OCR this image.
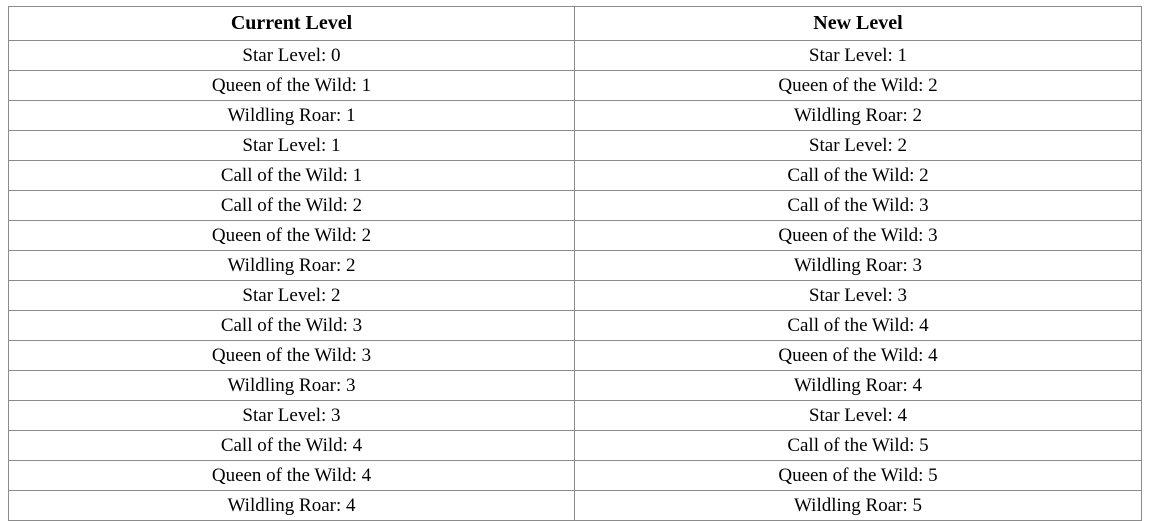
Current Level	New Level
Star Level: 0	Star Level: 1
Queen of the Wild: 1	Queen of the Wild: 2
Wildling Roar: 1	Wildling Roar: 2
Star Level: 1	Star Level: 2
Call of the Wild: 1	Call of the Wild: 2
Call of the Wild: 2	Call of the Wild: 3
Queen of the Wild: 2	Queen of the Wild: 3
Wildling Roar: 2	Wildling Roar: 3
Star Level: 2	Star Level: 3
Call of the Wild: 3	Call of the Wild: 4
Queen of the Wild: 3	Queen of the Wild: 4
Wildling Roar: 3	Wildling Roar: 4
Star Level: 3	Star Level: 4
Call of the Wild: 4	Call of the Wild: 5
Queen of the Wild: 4	Queen of the Wild: 5
Wildling Roar: 4	Wildling Roar: 5
